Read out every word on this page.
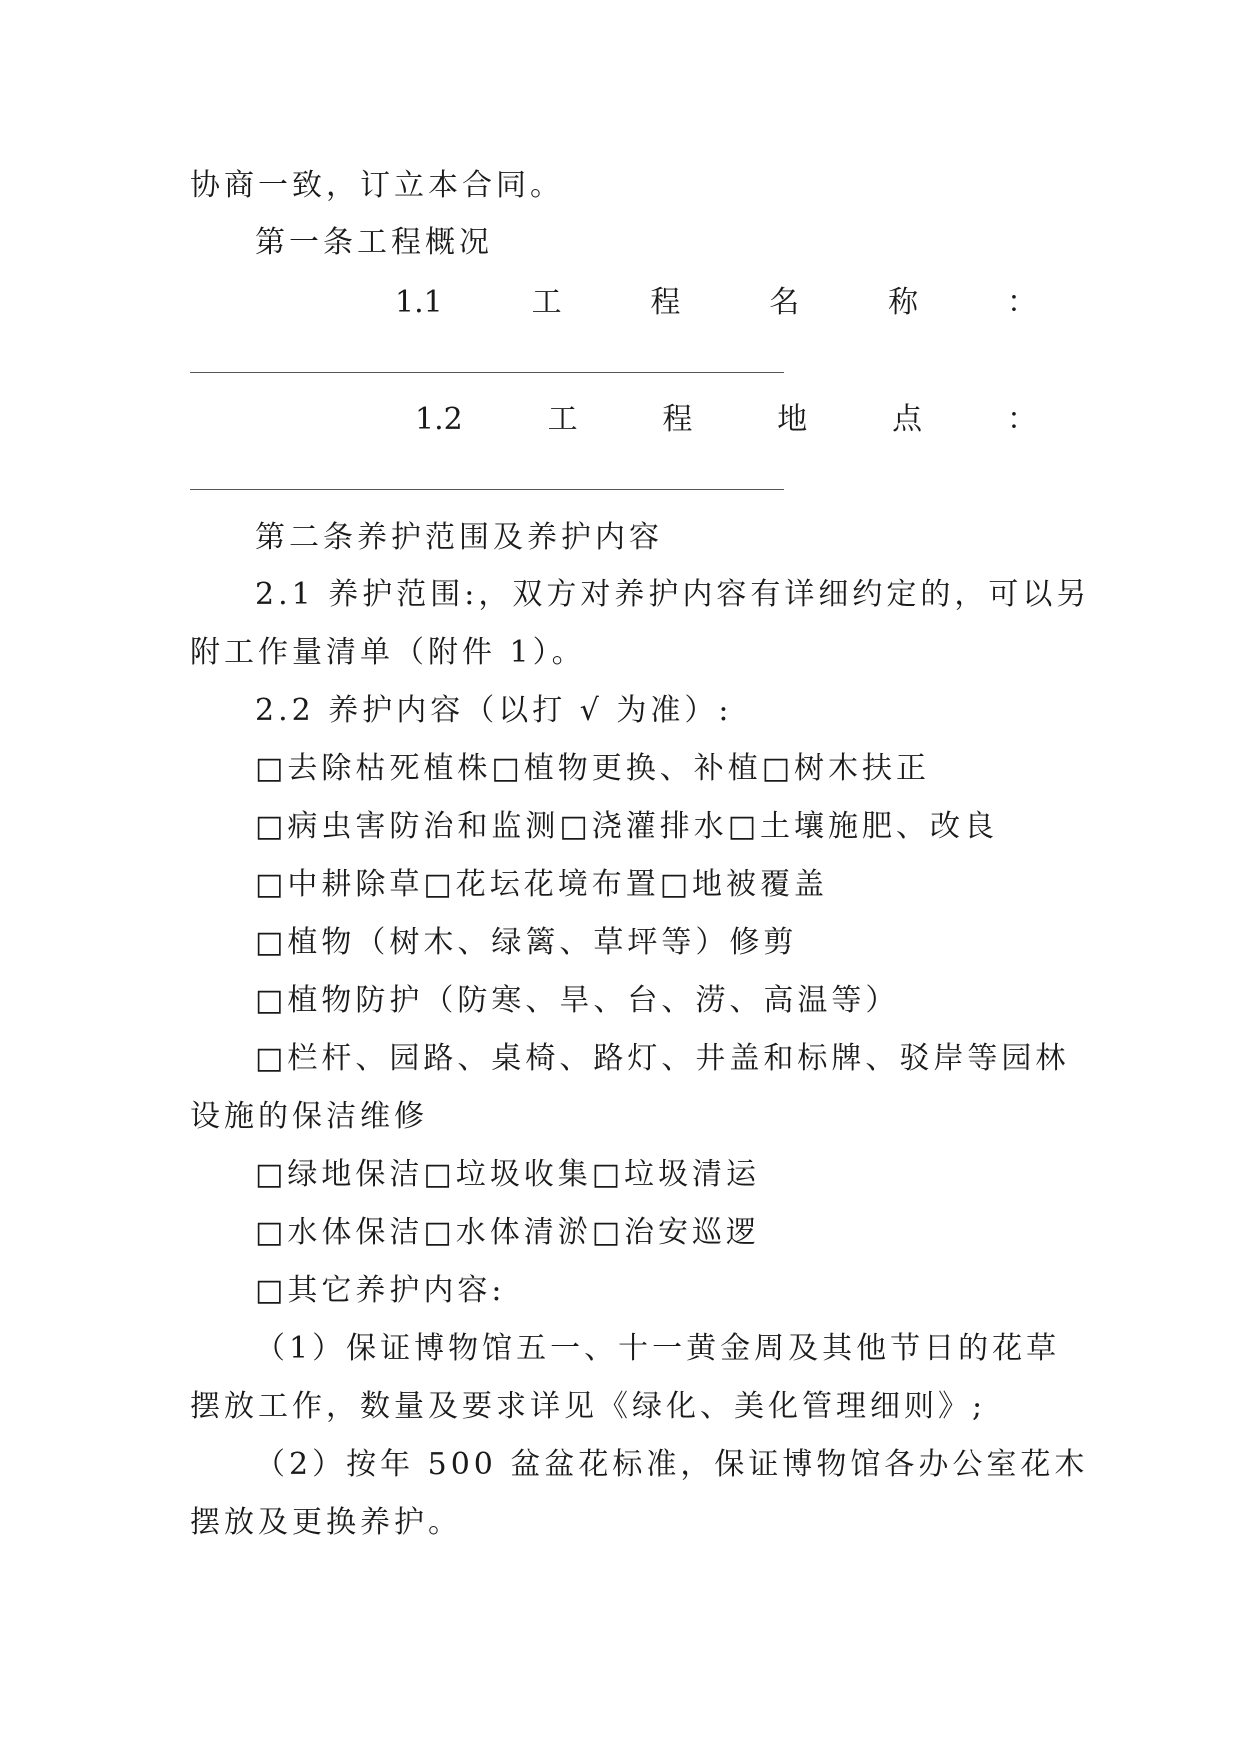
协商一致，订立本合同。
第一条工程概况
1.1	工	程	名	称	：
1.2	工	程	地	点	：
第二条养护范围及养护内容
2.1 养护范围:，双方对养护内容有详细约定的，可以另
附工作量清单（附件 1）。
2.2 养护内容（以打 √ 为准）:
□去除枯死植株□植物更换、补植□树木扶正
□病虫害防治和监测□浇灌排水□土壤施肥、改良
□中耕除草□花坛花境布置□地被覆盖
□植物（树木、绿篱、草坪等）修剪
□植物防护（防寒、旱、台、涝、高温等）
□栏杆、园路、桌椅、路灯、井盖和标牌、驳岸等园林
设施的保洁维修
□绿地保洁□垃圾收集□垃圾清运
□水体保洁□水体清淤□治安巡逻
□其它养护内容:
（1）保证博物馆五一、十一黄金周及其他节日的花草
摆放工作，数量及要求详见《绿化、美化管理细则》;
（2）按年 500 盆盆花标准，保证博物馆各办公室花木
摆放及更换养护。
